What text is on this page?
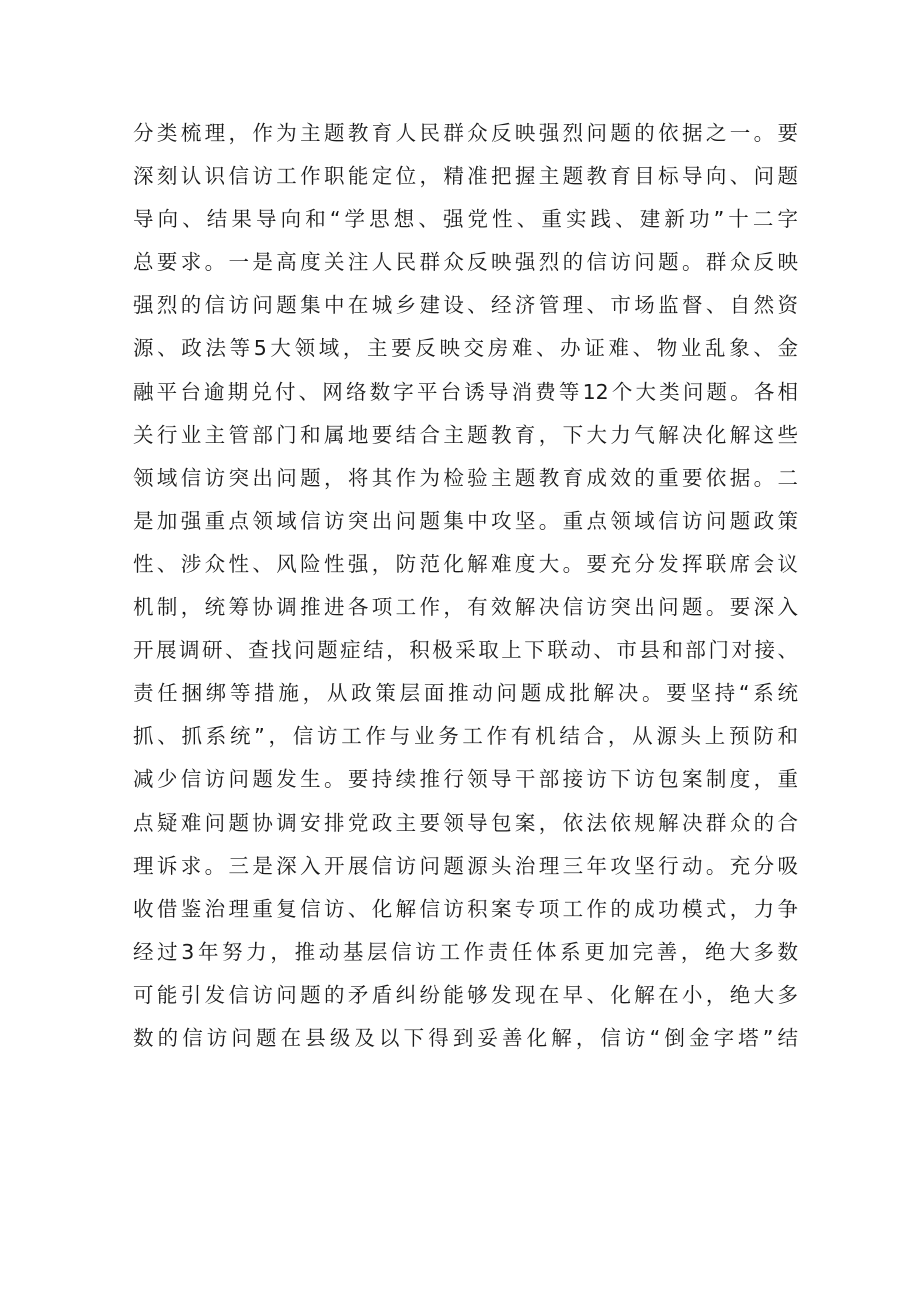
分类梳理，作为主题教育人民群众反映强烈问题的依据之一。要
深刻认识信访工作职能定位，精准把握主题教育目标导向、问题
导向、结果导向和“学思想、强党性、重实践、建新功”十二字
总要求。一是高度关注人民群众反映强烈的信访问题。群众反映
强烈的信访问题集中在城乡建设、经济管理、市场监督、自然资
源、政法等5大领域，主要反映交房难、办证难、物业乱象、金
融平台逾期兑付、网络数字平台诱导消费等12个大类问题。各相
关行业主管部门和属地要结合主题教育，下大力气解决化解这些
领域信访突出问题，将其作为检验主题教育成效的重要依据。二
是加强重点领域信访突出问题集中攻坚。重点领域信访问题政策
性、涉众性、风险性强，防范化解难度大。要充分发挥联席会议
机制，统筹协调推进各项工作，有效解决信访突出问题。要深入
开展调研、查找问题症结，积极采取上下联动、市县和部门对接、
责任捆绑等措施，从政策层面推动问题成批解决。要坚持“系统
抓、抓系统”，信访工作与业务工作有机结合，从源头上预防和
减少信访问题发生。要持续推行领导干部接访下访包案制度，重
点疑难问题协调安排党政主要领导包案，依法依规解决群众的合
理诉求。三是深入开展信访问题源头治理三年攻坚行动。充分吸
收借鉴治理重复信访、化解信访积案专项工作的成功模式，力争
经过3年努力，推动基层信访工作责任体系更加完善，绝大多数
可能引发信访问题的矛盾纠纷能够发现在早、化解在小，绝大多
数的信访问题在县级及以下得到妥善化解，信访“倒金字塔”结
